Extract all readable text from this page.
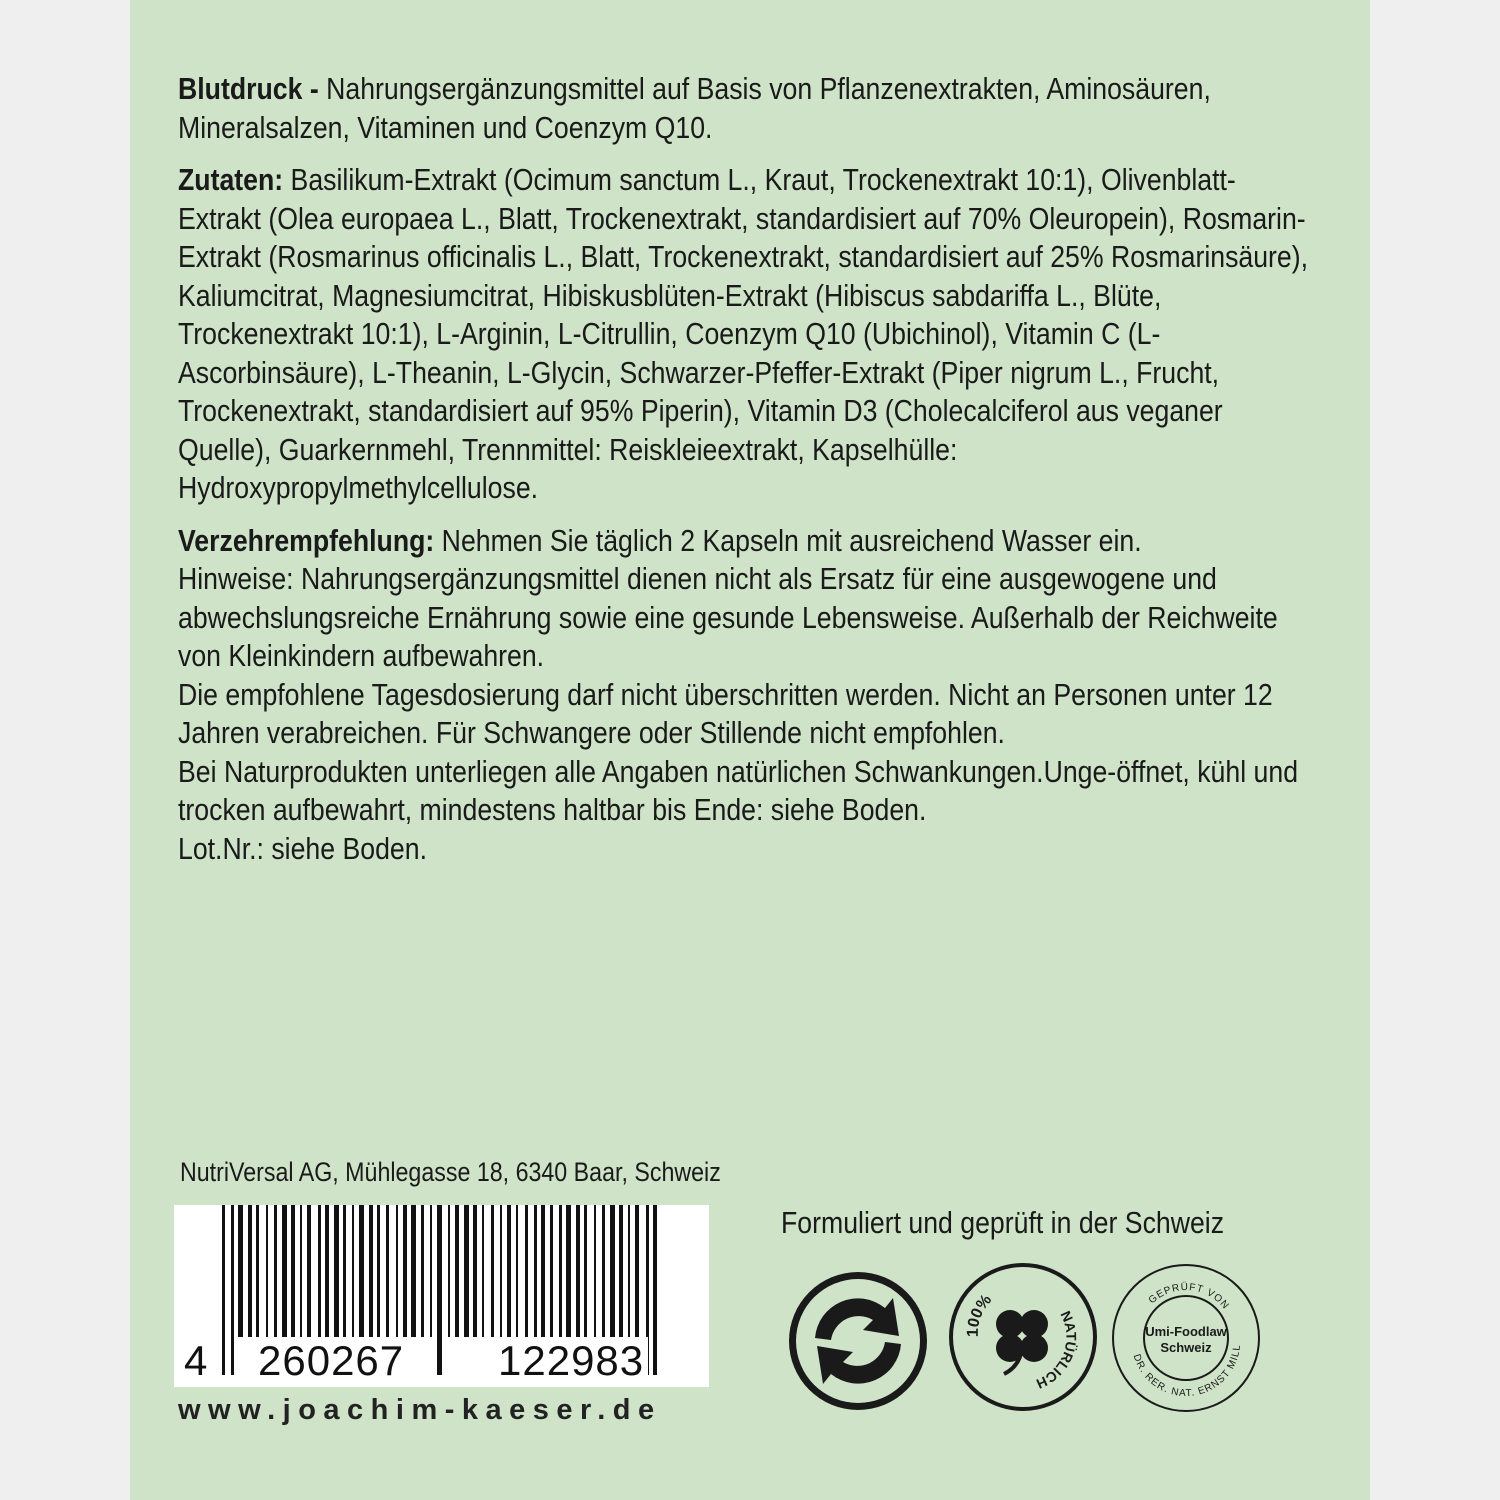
Blutdruck - Nahrungsergänzungsmittel auf Basis von Pflanzenextrakten, Aminosäuren, Mineralsalzen, Vitaminen und Coenzym Q10.

Zutaten: Basilikum-Extrakt (Ocimum sanctum L., Kraut, Trockenextrakt 10:1), Olivenblatt-Extrakt (Olea europaea L., Blatt, Trockenextrakt, standardisiert auf 70% Oleuropein), Rosmarin-Extrakt (Rosmarinus officinalis L., Blatt, Trockenextrakt, standardisiert auf 25% Rosmarinsäure), Kaliumcitrat, Magnesiumcitrat, Hibiskusblüten-Extrakt (Hibiscus sabdariffa L., Blüte, Trockenextrakt 10:1), L-Arginin, L-Citrullin, Coenzym Q10 (Ubichinol), Vitamin C (L-Ascorbinsäure), L-Theanin, L-Glycin, Schwarzer-Pfeffer-Extrakt (Piper nigrum L., Frucht, Trockenextrakt, standardisiert auf 95% Piperin), Vitamin D3 (Cholecalciferol aus veganer Quelle), Guarkernmehl, Trennmittel: Reiskleieextrakt, Kapselhülle: Hydroxypropylmethylcellulose.

Verzehrempfehlung: Nehmen Sie täglich 2 Kapseln mit ausreichend Wasser ein.
Hinweise: Nahrungsergänzungsmittel dienen nicht als Ersatz für eine ausgewogene und abwechslungsreiche Ernährung sowie eine gesunde Lebensweise. Außerhalb der Reichweite von Kleinkindern aufbewahren.
Die empfohlene Tagesdosierung darf nicht überschritten werden. Nicht an Personen unter 12 Jahren verabreichen. Für Schwangere oder Stillende nicht empfohlen.
Bei Naturprodukten unterliegen alle Angaben natürlichen Schwankungen.Unge-öffnet, kühl und trocken aufbewahrt, mindestens haltbar bis Ende: siehe Boden.
Lot.Nr.: siehe Boden.
NutriVersal AG, Mühlegasse 18, 6340 Baar, Schweiz
4 260267 122983
www.joachim-kaeser.de
Formuliert und geprüft in der Schweiz
100%
NATÜRLICH
GEPRÜFT VON
DR. RER. NAT. ERNST MILL
Umi-Foodlaw
Schweiz
